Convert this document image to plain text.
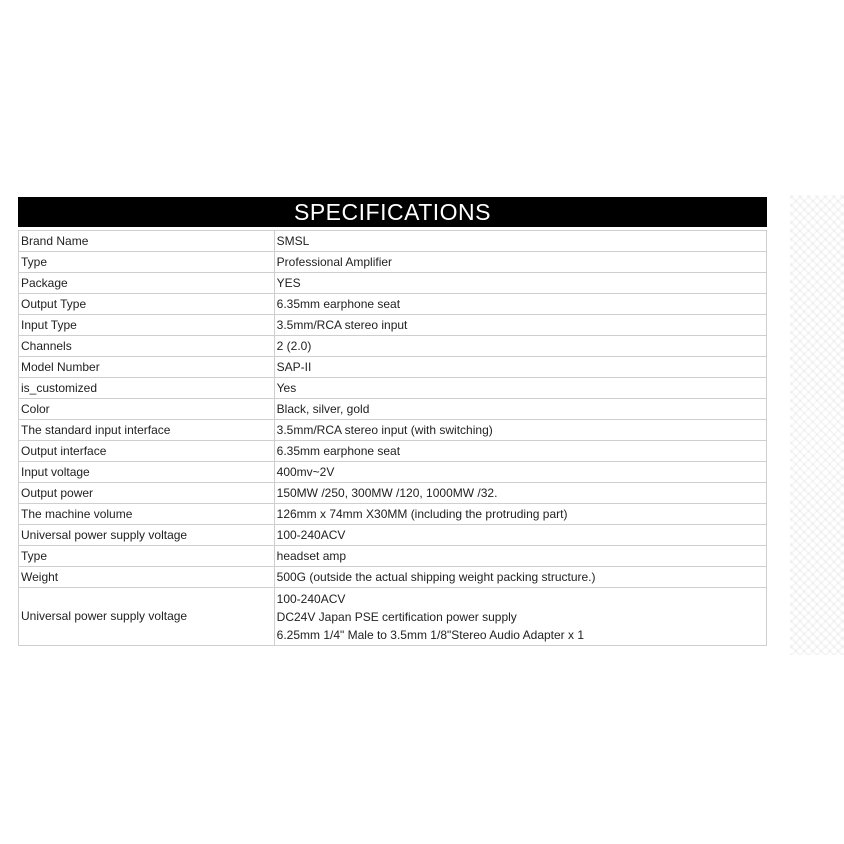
SPECIFICATIONS
Brand Name	SMSL
Type	Professional Amplifier
Package	YES
Output Type	6.35mm earphone seat
Input Type	3.5mm/RCA stereo input
Channels	2 (2.0)
Model Number	SAP-II
is_customized	Yes
Color	Black, silver, gold
The standard input interface	3.5mm/RCA stereo input (with switching)
Output interface	6.35mm earphone seat
Input voltage	400mv~2V
Output power	150MW /250, 300MW /120, 1000MW /32.
The machine volume	126mm x 74mm X30MM (including the protruding part)
Universal power supply voltage	100-240ACV
Type	headset amp
Weight	500G (outside the actual shipping weight packing structure.)
Universal power supply voltage	100-240ACV
DC24V Japan PSE certification power supply
6.25mm 1/4" Male to 3.5mm 1/8"Stereo Audio Adapter x 1
